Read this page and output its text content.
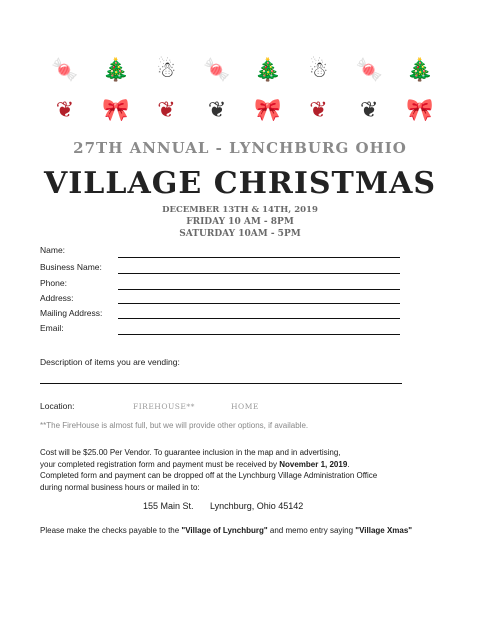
🍬 🎄	☃	🍬 🎄	☃	🍬 🎄
❦	🎀	❦	❦	🎀	❦	❦	🎀
27TH ANNUAL - LYNCHBURG OHIO
VILLAGE CHRISTMAS
DECEMBER 13TH & 14TH, 2019
FRIDAY 10 AM - 8PM
SATURDAY 10AM - 5PM
Name:
Business Name:
Phone:
Address:
Mailing Address:
Email:
Description of items you are vending:
Location:	FIREHOUSE**	HOME
**The FireHouse is almost full, but we will provide other options, if available.
Cost will be $25.00 Per Vendor. To guarantee inclusion in the map and in advertising,
your completed registration form and payment must be received by November 1, 2019.
Completed form and payment can be dropped off at the Lynchburg Village Administration Office
during normal business hours or mailed in to:
155 Main St. Lynchburg, Ohio 45142
Please make the checks payable to the "Village of Lynchburg" and memo entry saying "Village Xmas"
